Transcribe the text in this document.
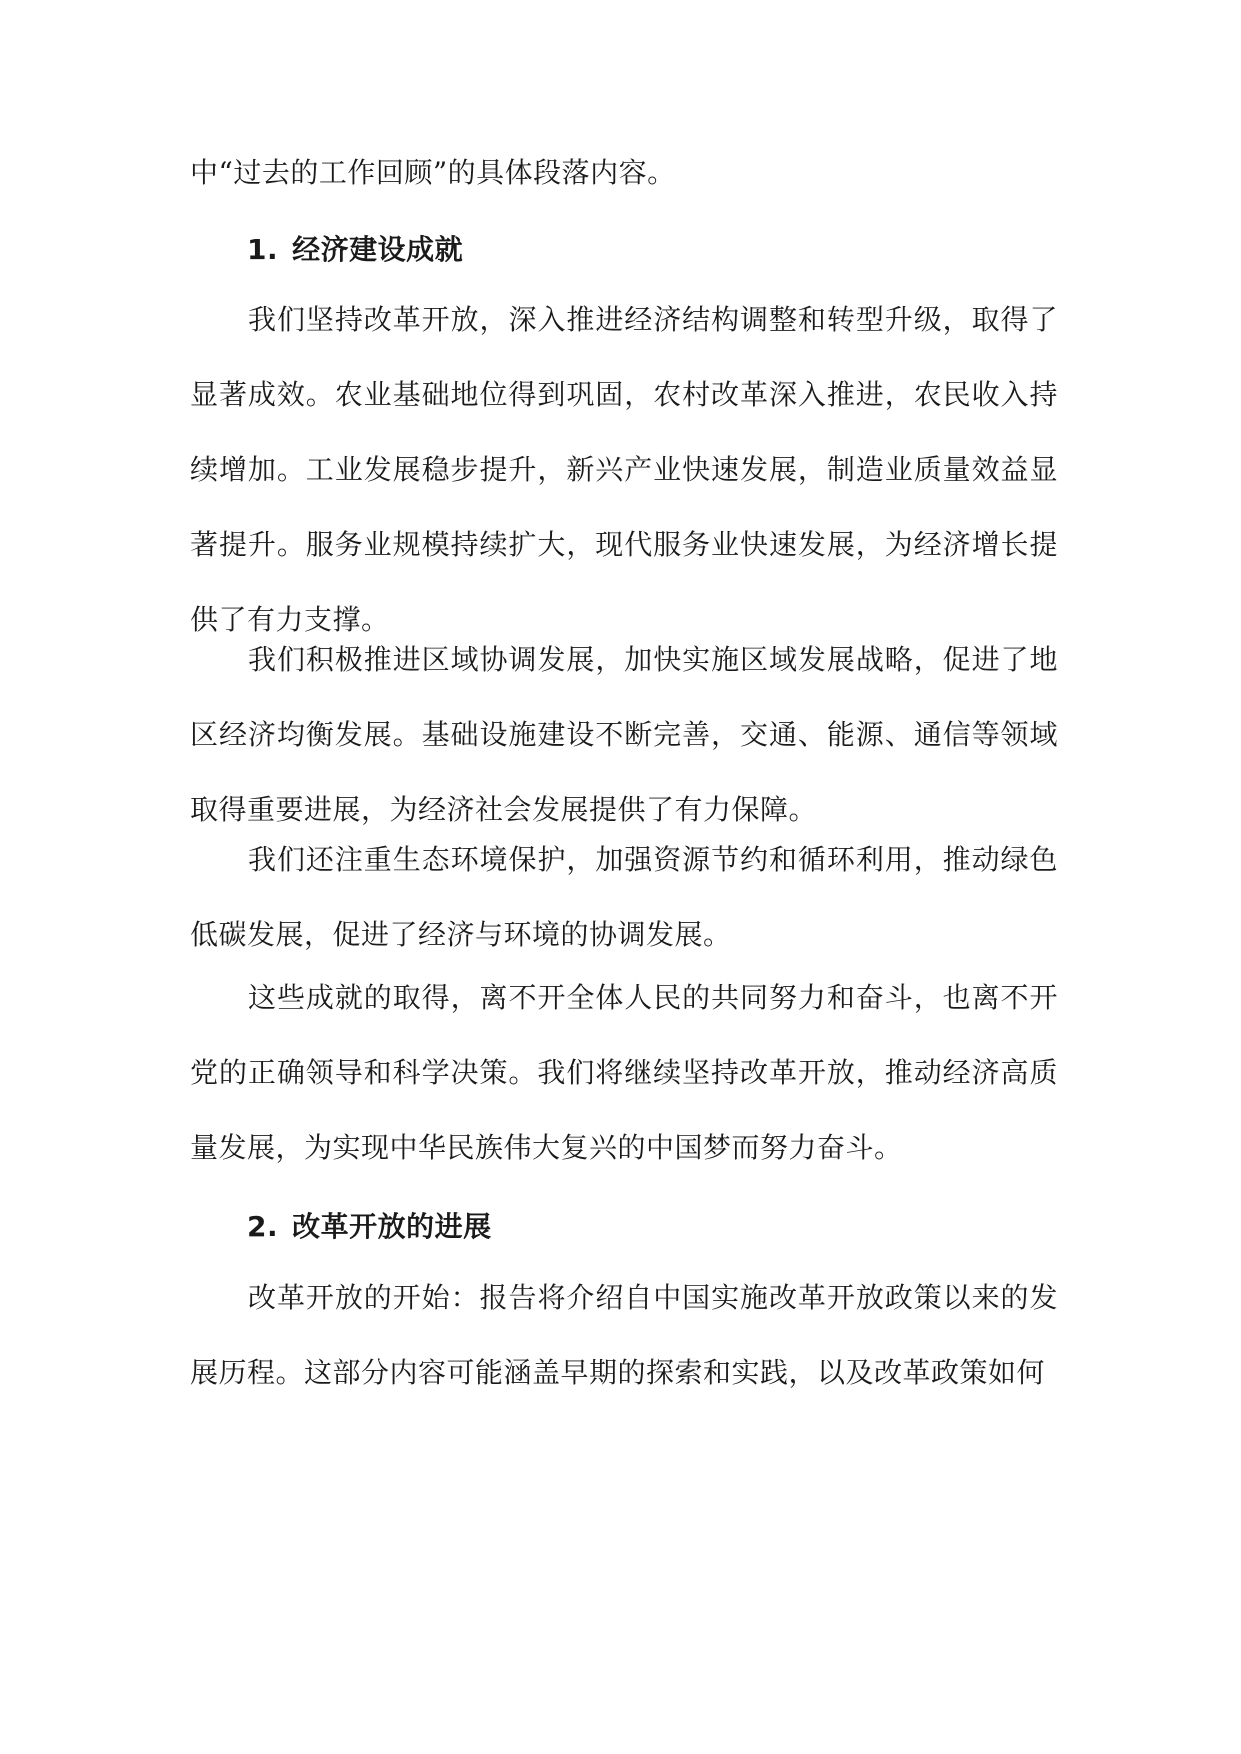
中“过去的工作回顾”的具体段落内容。
1. 经济建设成就
我们坚持改革开放，深入推进经济结构调整和转型升级，取得了显著成效。农业基础地位得到巩固，农村改革深入推进，农民收入持续增加。工业发展稳步提升，新兴产业快速发展，制造业质量效益显著提升。服务业规模持续扩大，现代服务业快速发展，为经济增长提供了有力支撑。
我们积极推进区域协调发展，加快实施区域发展战略，促进了地区经济均衡发展。基础设施建设不断完善，交通、能源、通信等领域取得重要进展，为经济社会发展提供了有力保障。
我们还注重生态环境保护，加强资源节约和循环利用，推动绿色低碳发展，促进了经济与环境的协调发展。
这些成就的取得，离不开全体人民的共同努力和奋斗，也离不开党的正确领导和科学决策。我们将继续坚持改革开放，推动经济高质量发展，为实现中华民族伟大复兴的中国梦而努力奋斗。
2. 改革开放的进展
改革开放的开始：报告将介绍自中国实施改革开放政策以来的发展历程。这部分内容可能涵盖早期的探索和实践，以及改革政策如何
